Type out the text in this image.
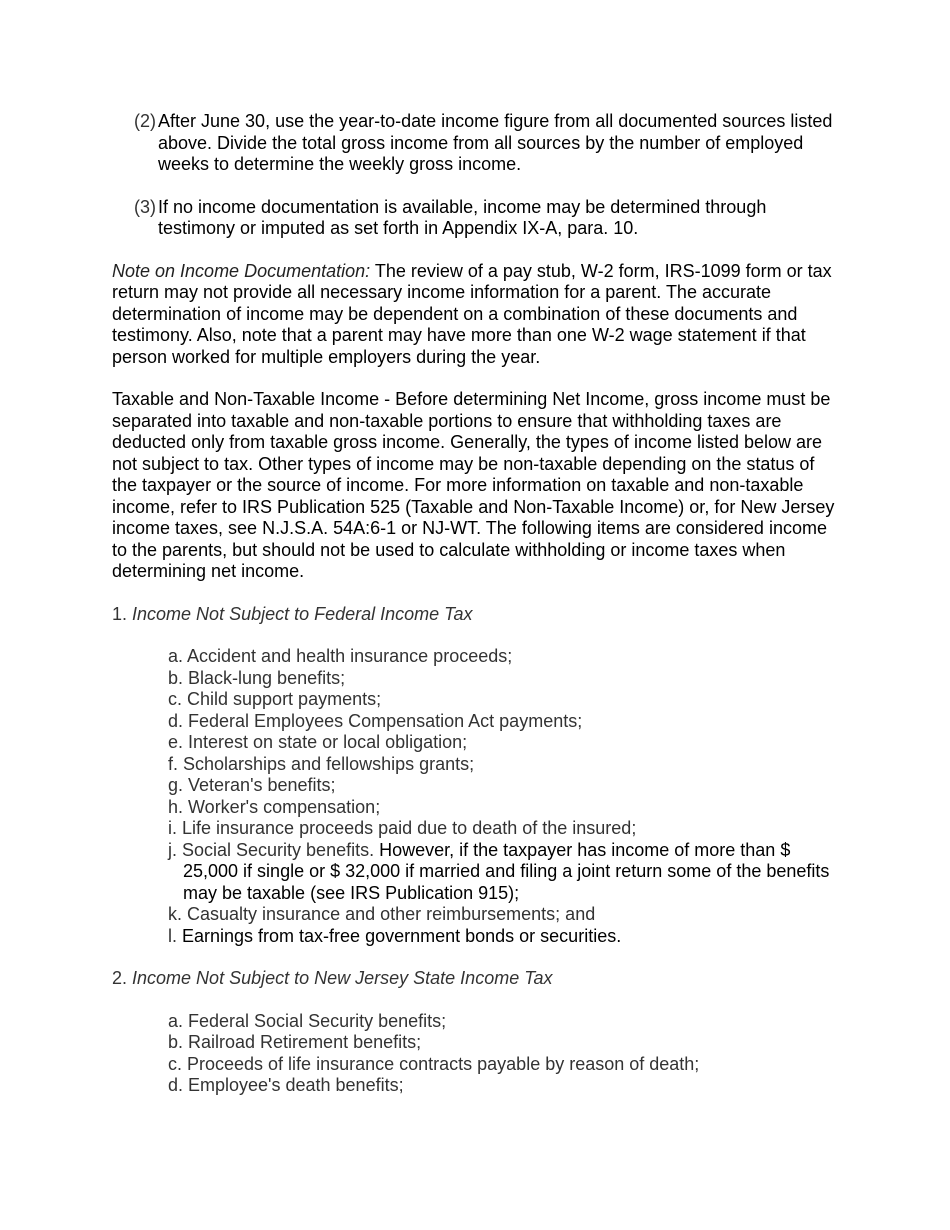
(2) After June 30, use the year-to-date income figure from all documented sources listed above. Divide the total gross income from all sources by the number of employed weeks to determine the weekly gross income.
(3) If no income documentation is available, income may be determined through testimony or imputed as set forth in Appendix IX-A, para. 10.

Note on Income Documentation: The review of a pay stub, W-2 form, IRS-1099 form or tax return may not provide all necessary income information for a parent. The accurate determination of income may be dependent on a combination of these documents and testimony. Also, note that a parent may have more than one W-2 wage statement if that person worked for multiple employers during the year.

Taxable and Non-Taxable Income - Before determining Net Income, gross income must be separated into taxable and non-taxable portions to ensure that withholding taxes are deducted only from taxable gross income. Generally, the types of income listed below are not subject to tax. Other types of income may be non-taxable depending on the status of the taxpayer or the source of income. For more information on taxable and non-taxable income, refer to IRS Publication 525 (Taxable and Non-Taxable Income) or, for New Jersey income taxes, see N.J.S.A. 54A:6-1 or NJ-WT. The following items are considered income to the parents, but should not be used to calculate withholding or income taxes when determining net income.

1. Income Not Subject to Federal Income Tax
a. Accident and health insurance proceeds;
b. Black-lung benefits;
c. Child support payments;
d. Federal Employees Compensation Act payments;
e. Interest on state or local obligation;
f. Scholarships and fellowships grants;
g. Veteran's benefits;
h. Worker's compensation;
i. Life insurance proceeds paid due to death of the insured;
j. Social Security benefits. However, if the taxpayer has income of more than $ 25,000 if single or $ 32,000 if married and filing a joint return some of the benefits may be taxable (see IRS Publication 915);
k. Casualty insurance and other reimbursements; and
l. Earnings from tax-free government bonds or securities.
2. Income Not Subject to New Jersey State Income Tax
a. Federal Social Security benefits;
b. Railroad Retirement benefits;
c. Proceeds of life insurance contracts payable by reason of death;
d. Employee's death benefits;
